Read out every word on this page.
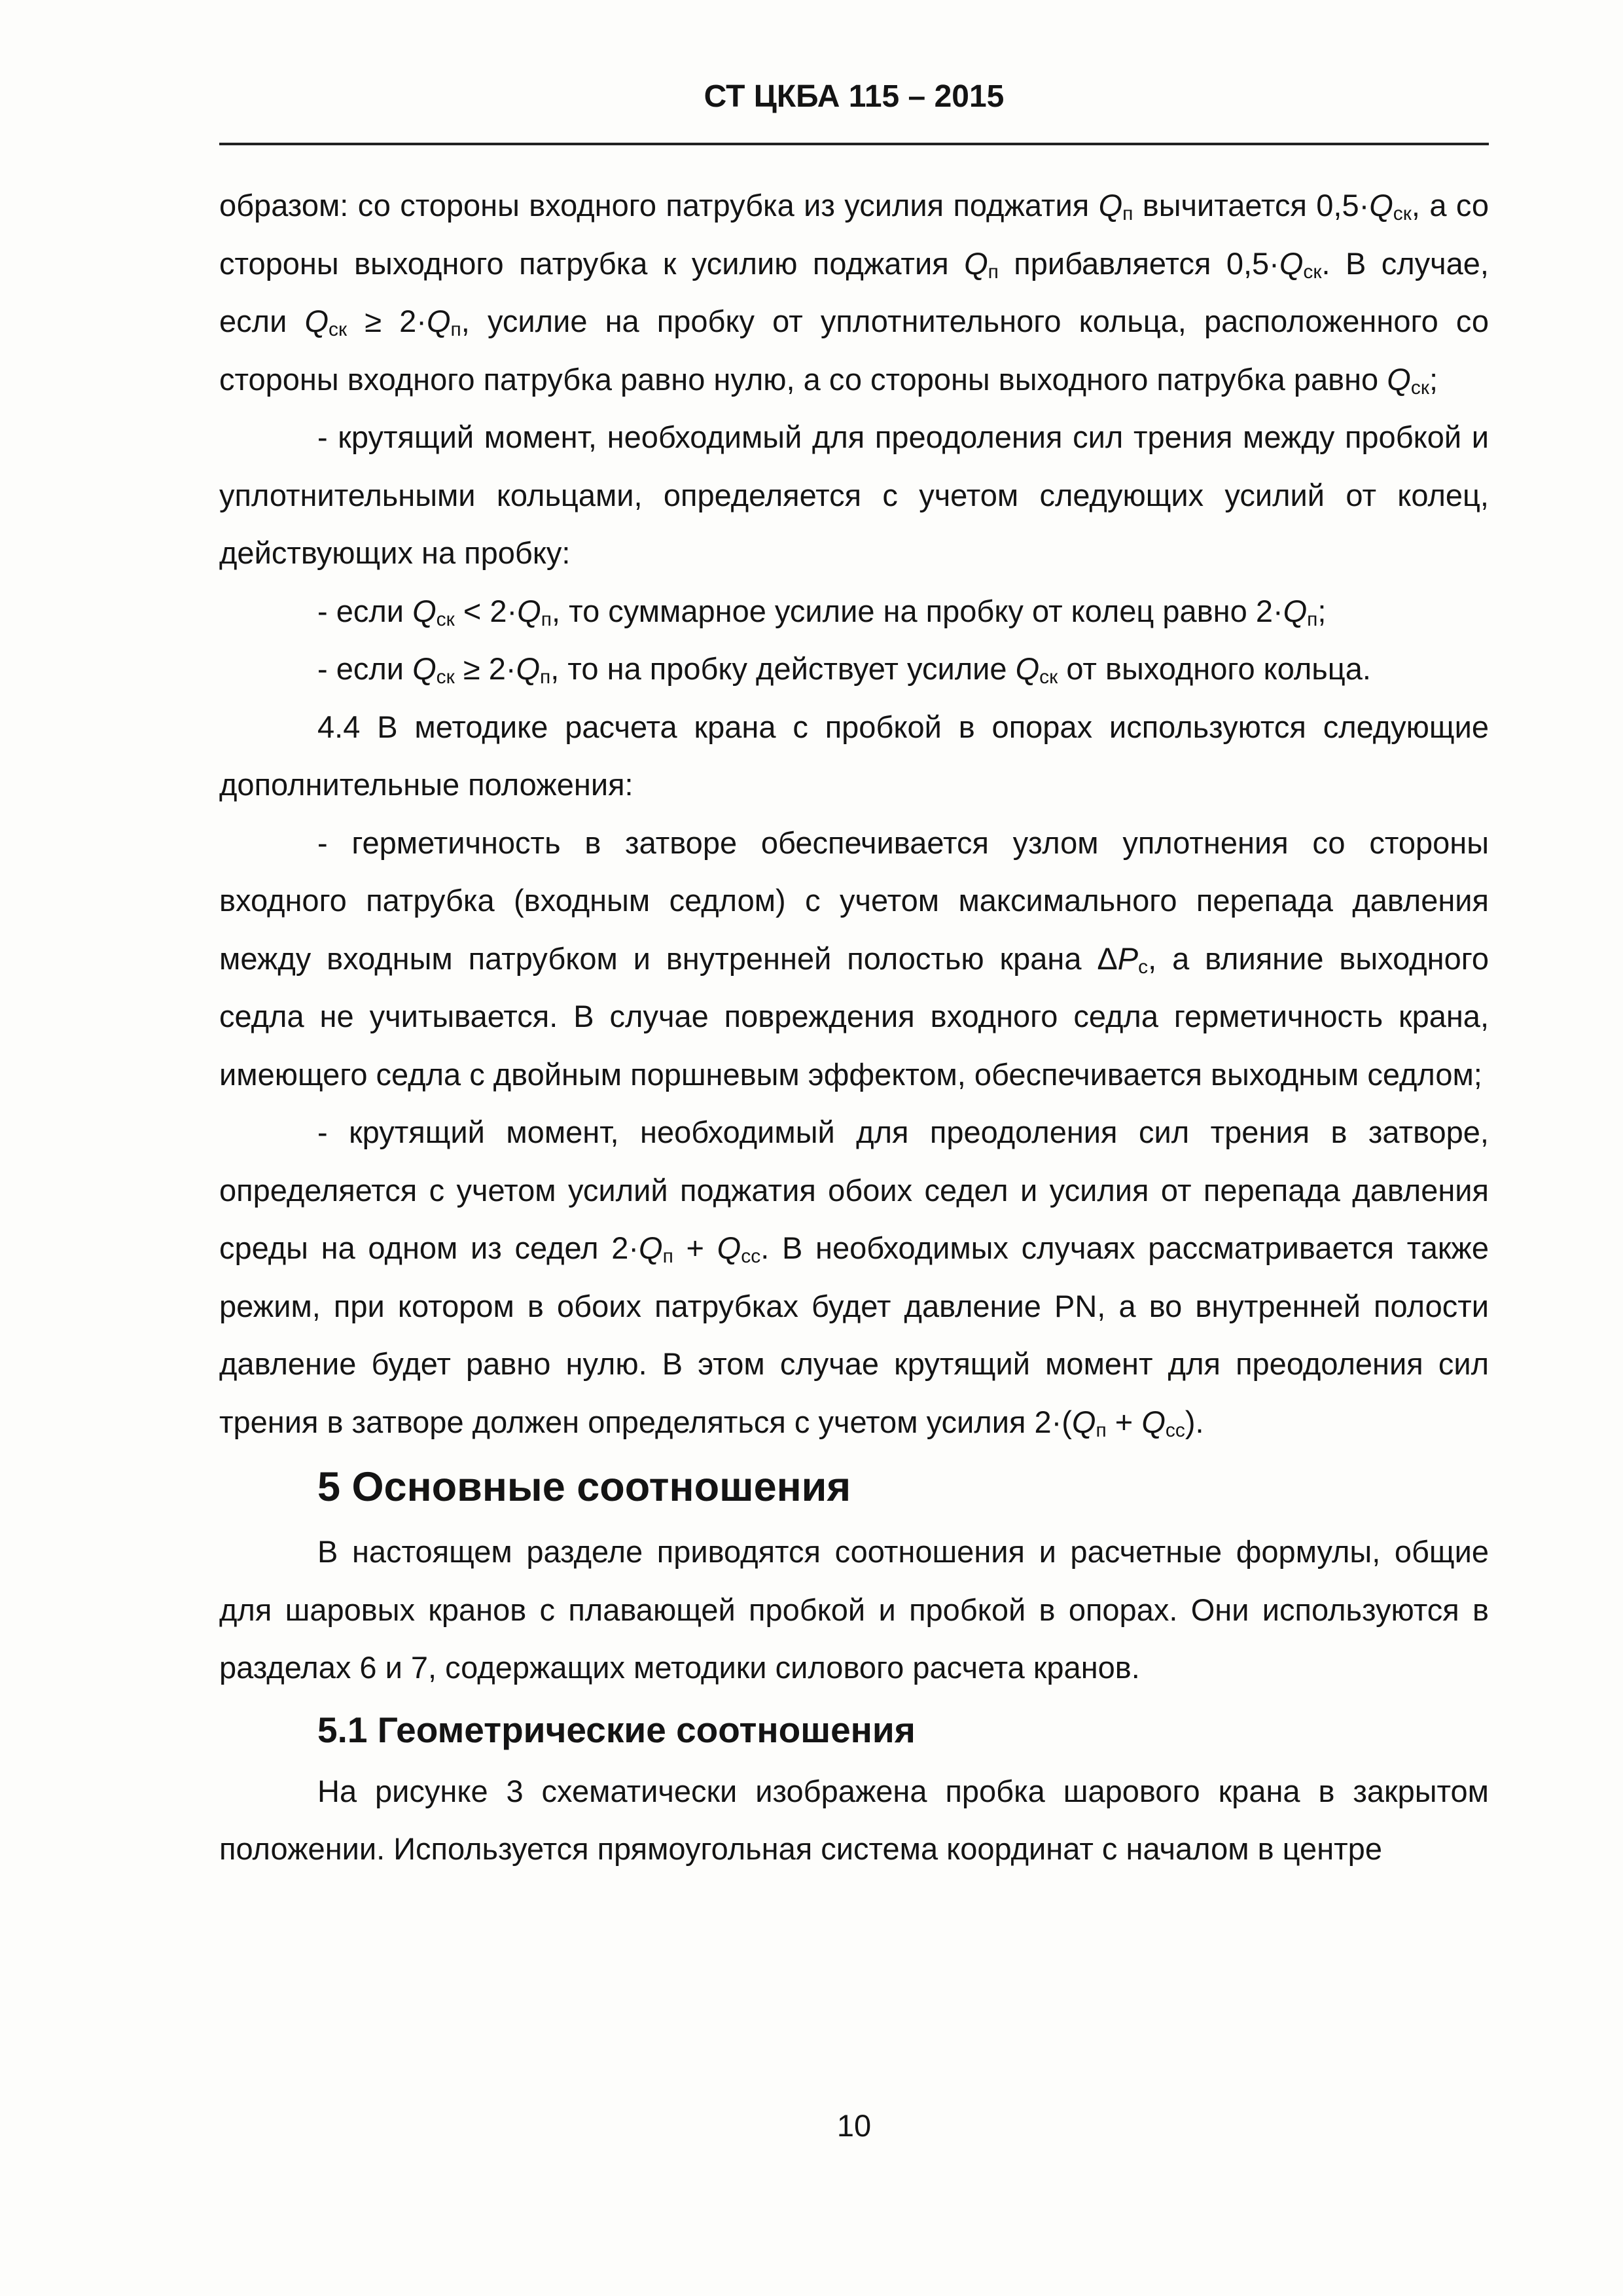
СТ ЦКБА 115 – 2015

образом: со стороны входного патрубка из усилия поджатия $Q_п$ вычитается $0,5\cdot Q_{ск}$, а со стороны выходного патрубка к усилию поджатия $Q_п$ прибавляется $0,5\cdot Q_{ск}$. В случае, если $Q_{ск} \ge 2\cdot Q_п$, усилие на пробку от уплотнительного кольца, расположенного со стороны входного патрубка равно нулю, а со стороны выходного патрубка равно $Q_{ск}$;

- крутящий момент, необходимый для преодоления сил трения между пробкой и уплотнительными кольцами, определяется с учетом следующих усилий от колец, действующих на пробку:

- если $Q_{ск} < 2\cdot Q_п$, то суммарное усилие на пробку от колец равно $2\cdot Q_п$;

- если $Q_{ск} \ge 2\cdot Q_п$, то на пробку действует усилие $Q_{ск}$ от выходного кольца.

4.4 В методике расчета крана с пробкой в опорах используются следующие дополнительные положения:

- герметичность в затворе обеспечивается узлом уплотнения со стороны входного патрубка (входным седлом) с учетом максимального перепада давления между входным патрубком и внутренней полостью крана $\Delta P_с$, а влияние выходного седла не учитывается. В случае повреждения входного седла герметичность крана, имеющего седла с двойным поршневым эффектом, обеспечивается выходным седлом;

- крутящий момент, необходимый для преодоления сил трения в затворе, определяется с учетом усилий поджатия обоих седел и усилия от перепада давления среды на одном из седел $2\cdot Q_п + Q_{сс}$. В необходимых случаях рассматривается также режим, при котором в обоих патрубках будет давление PN, а во внутренней полости давление будет равно нулю. В этом случае крутящий момент для преодоления сил трения в затворе должен определяться с учетом усилия $2\cdot(Q_п + Q_{сс})$.

5 Основные соотношения

В настоящем разделе приводятся соотношения и расчетные формулы, общие для шаровых кранов с плавающей пробкой и пробкой в опорах. Они используются в разделах 6 и 7, содержащих методики силового расчета кранов.

5.1 Геометрические соотношения

На рисунке 3 схематически изображена пробка шарового крана в закрытом положении. Используется прямоугольная система координат с началом в центре

10
